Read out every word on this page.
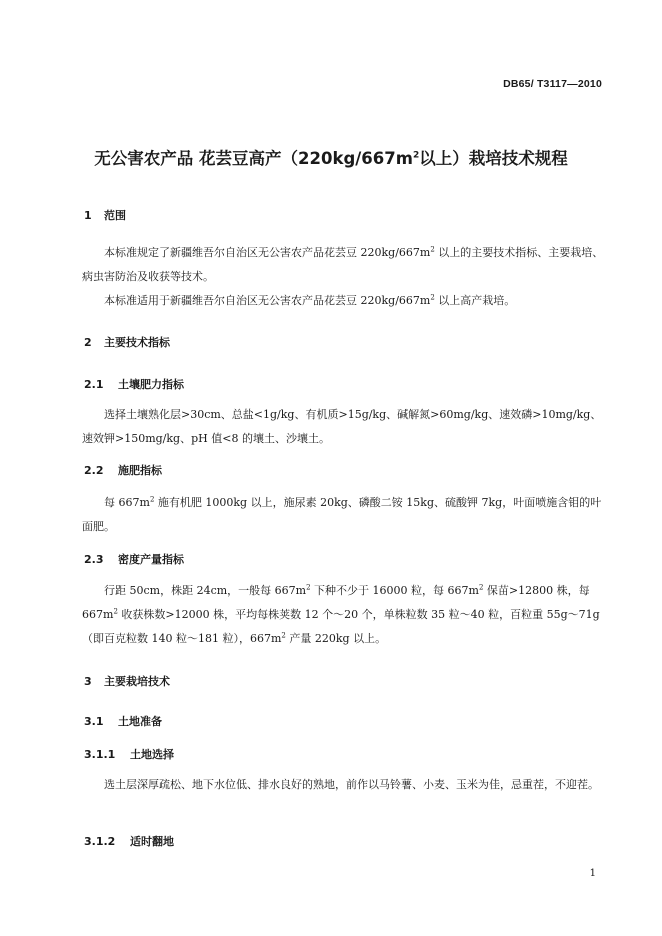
DB65/ T3117—2010
无公害农产品 花芸豆高产（$220kg/667m^2$以上）栽培技术规程
1 范围
本标准规定了新疆维吾尔自治区无公害农产品花芸豆 $220kg/667m^2$ 以上的主要技术指标、主要栽培、病虫害防治及收获等技术。
本标准适用于新疆维吾尔自治区无公害农产品花芸豆 $220kg/667m^2$ 以上高产栽培。
2 主要技术指标
2.1 土壤肥力指标
选择土壤熟化层>30cm、总盐<1g/kg、有机质>15g/kg、碱解氮>60mg/kg、速效磷>10mg/kg、速效钾>150mg/kg、pH 值<8 的壤土、沙壤土。
2.2 施肥指标
每 $667m^2$ 施有机肥 1000kg 以上，施尿素 20kg、磷酸二铵 15kg、硫酸钾 7kg，叶面喷施含钼的叶面肥。
2.3 密度产量指标
行距 50cm，株距 24cm，一般每 $667m^2$ 下种不少于 16000 粒，每 $667m^2$ 保苗>12800 株，每 $667m^2$ 收获株数>12000 株，平均每株荚数 12 个～20 个，单株粒数 35 粒～40 粒，百粒重 55g～71g（即百克粒数 140 粒～181 粒），$667m^2$ 产量 220kg 以上。
3 主要栽培技术
3.1 土地准备
3.1.1 土地选择
选土层深厚疏松、地下水位低、排水良好的熟地，前作以马铃薯、小麦、玉米为佳，忌重茬，不迎茬。
3.1.2 适时翻地
1
